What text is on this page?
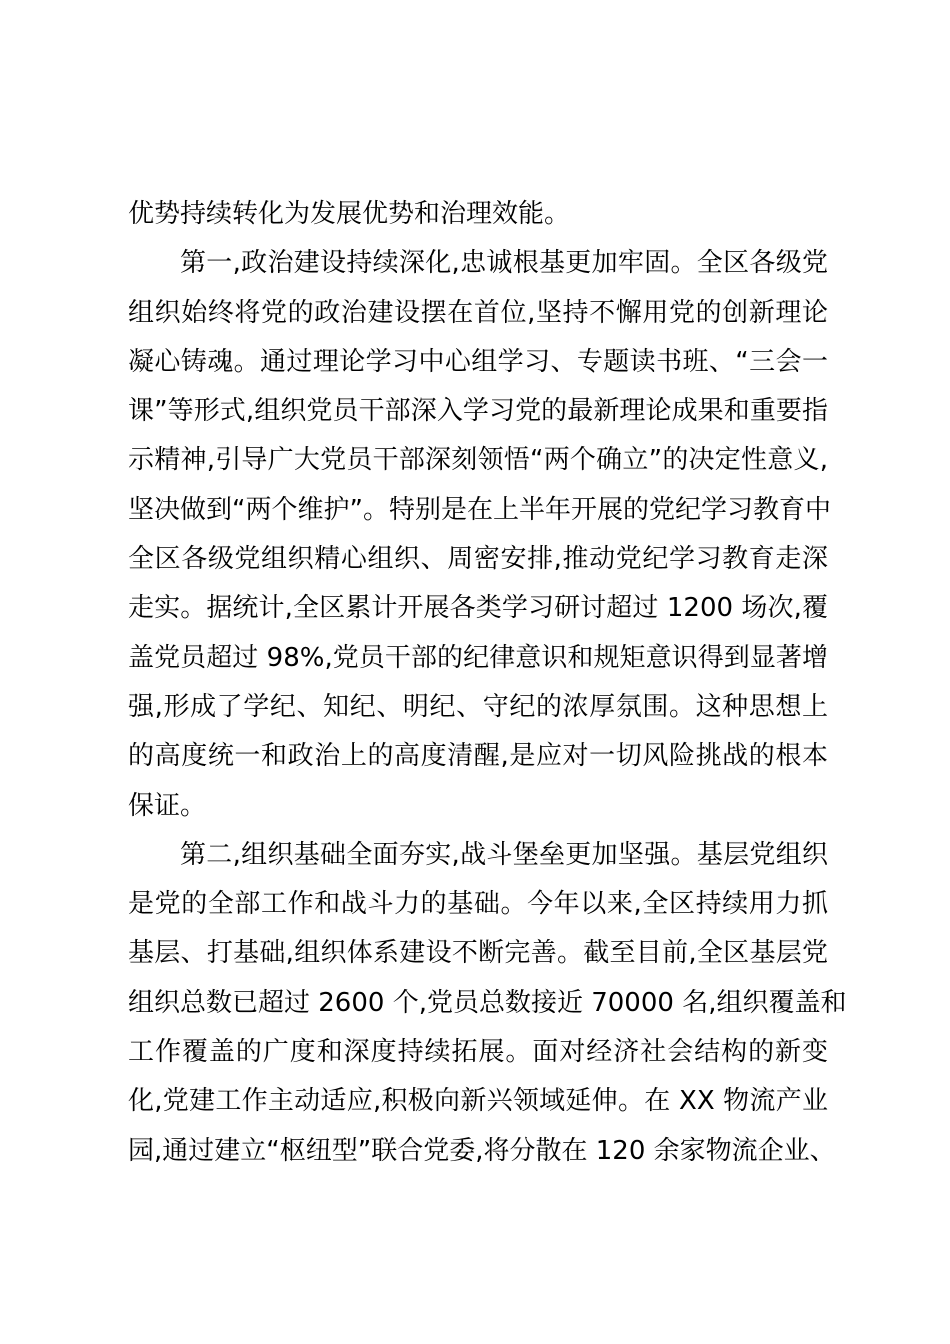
优势持续转化为发展优势和治理效能。
第一,政治建设持续深化,忠诚根基更加牢固。全区各级党
组织始终将党的政治建设摆在首位,坚持不懈用党的创新理论
凝心铸魂。通过理论学习中心组学习、专题读书班、“三会一
课”等形式,组织党员干部深入学习党的最新理论成果和重要指
示精神,引导广大党员干部深刻领悟“两个确立”的决定性意义,
坚决做到“两个维护”。特别是在上半年开展的党纪学习教育中
全区各级党组织精心组织、周密安排,推动党纪学习教育走深
走实。据统计,全区累计开展各类学习研讨超过 1200 场次,覆
盖党员超过 98%,党员干部的纪律意识和规矩意识得到显著增
强,形成了学纪、知纪、明纪、守纪的浓厚氛围。这种思想上
的高度统一和政治上的高度清醒,是应对一切风险挑战的根本
保证。
第二,组织基础全面夯实,战斗堡垒更加坚强。基层党组织
是党的全部工作和战斗力的基础。今年以来,全区持续用力抓
基层、打基础,组织体系建设不断完善。截至目前,全区基层党
组织总数已超过 2600 个,党员总数接近 70000 名,组织覆盖和
工作覆盖的广度和深度持续拓展。面对经济社会结构的新变
化,党建工作主动适应,积极向新兴领域延伸。在 XX 物流产业
园,通过建立“枢纽型”联合党委,将分散在 120 余家物流企业、
